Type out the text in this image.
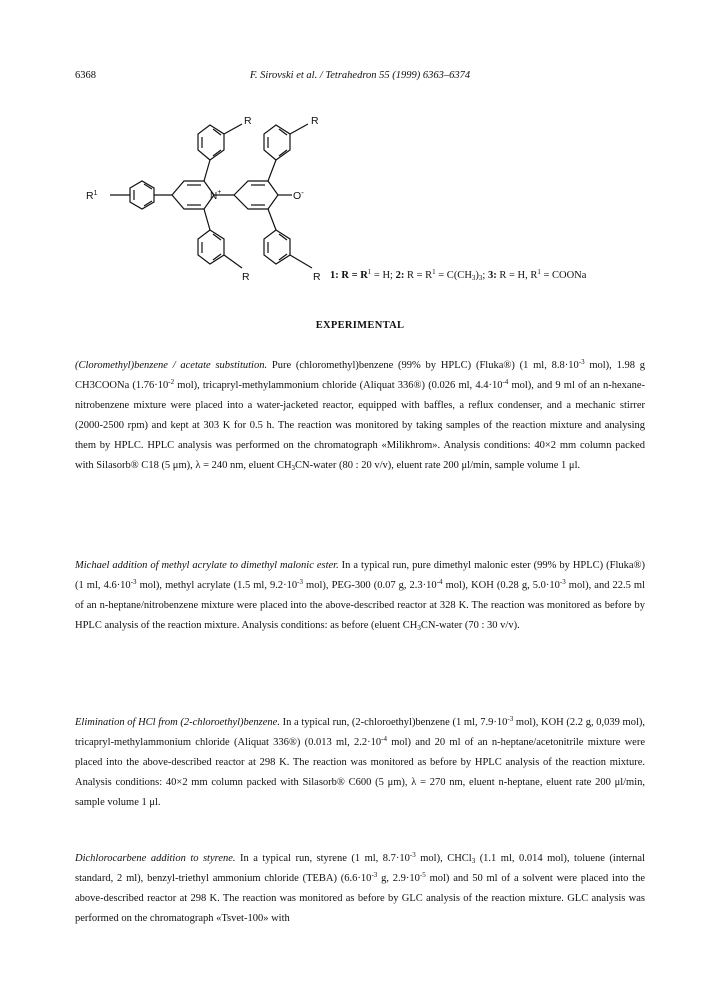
6368	F. Sirovski et al. / Tetrahedron 55 (1999) 6363–6374
$R^1$	N+	O-
R	R
R	R 1: $R = R^1 = H$; 2: $R = R^1 = C(CH_3)_3$; 3: R = H, $R^1$ = COONa
EXPERIMENTAL

(Cloromethyl)benzene / acetate substitution. Pure (chloromethyl)benzene (99% by HPLC) (Fluka®) (1 ml, $8.8\cdot 10^{-3}$ mol), 1.98 g CH3COONa ($1.76\cdot 10^{-2}$ mol), tricapryl-methylammonium chloride (Aliquat 336®) (0.026 ml, $4.4\cdot 10^{-4}$ mol), and 9 ml of an n-hexane-nitrobenzene mixture were placed into a water-jacketed reactor, equipped with baffles, a reflux condenser, and a mechanic stirrer (2000-2500 rpm) and kept at 303 K for 0.5 h. The reaction was monitored by taking samples of the reaction mixture and analysing them by HPLC. HPLC analysis was performed on the chromatograph «Milikhrom». Analysis conditions: 40×2 mm column packed with Silasorb® C18 (5 μm), λ = 240 nm, eluent $CH_3CN$-water (80 : 20 v/v), eluent rate 200 μl/min, sample volume 1 μl.

Michael addition of methyl acrylate to dimethyl malonic ester. In a typical run, pure dimethyl malonic ester (99% by HPLC) (Fluka®) (1 ml, $4.6\cdot 10^{-3}$ mol), methyl acrylate (1.5 ml, $9.2\cdot 10^{-3}$ mol), PEG-300 (0.07 g, $2.3\cdot 10^{-4}$ mol), KOH (0.28 g, $5.0\cdot 10^{-3}$ mol), and 22.5 ml of an n-heptane/nitrobenzene mixture were placed into the above-described reactor at 328 K. The reaction was monitored as before by HPLC analysis of the reaction mixture. Analysis conditions: as before (eluent $CH_3CN$-water (70 : 30 v/v).

Elimination of HCl from (2-chloroethyl)benzene. In a typical run, (2-chloroethyl)benzene (1 ml, $7.9\cdot 10^{-3}$ mol), KOH (2.2 g, 0,039 mol), tricapryl-methylammonium chloride (Aliquat 336®) (0.013 ml, $2.2\cdot 10^{-4}$ mol) and 20 ml of an n-heptane/acetonitrile mixture were placed into the above-described reactor at 298 K. The reaction was monitored as before by HPLC analysis of the reaction mixture. Analysis conditions: 40×2 mm column packed with Silasorb® C600 (5 μm), λ = 270 nm, eluent n-heptane, eluent rate 200 μl/min, sample volume 1 μl.

Dichlorocarbene addition to styrene. In a typical run, styrene (1 ml, $8.7\cdot 10^{-3}$ mol), CHCl$_3$ (1.1 ml, 0.014 mol), toluene (internal standard, 2 ml), benzyl-triethyl ammonium chloride (TEBA) ($6.6\cdot 10^{-3}$ g, $2.9\cdot 10^{-5}$ mol) and 50 ml of a solvent were placed into the above-described reactor at 298 K. The reaction was monitored as before by GLC analysis of the reaction mixture. GLC analysis was performed on the chromatograph «Tsvet-100» with
